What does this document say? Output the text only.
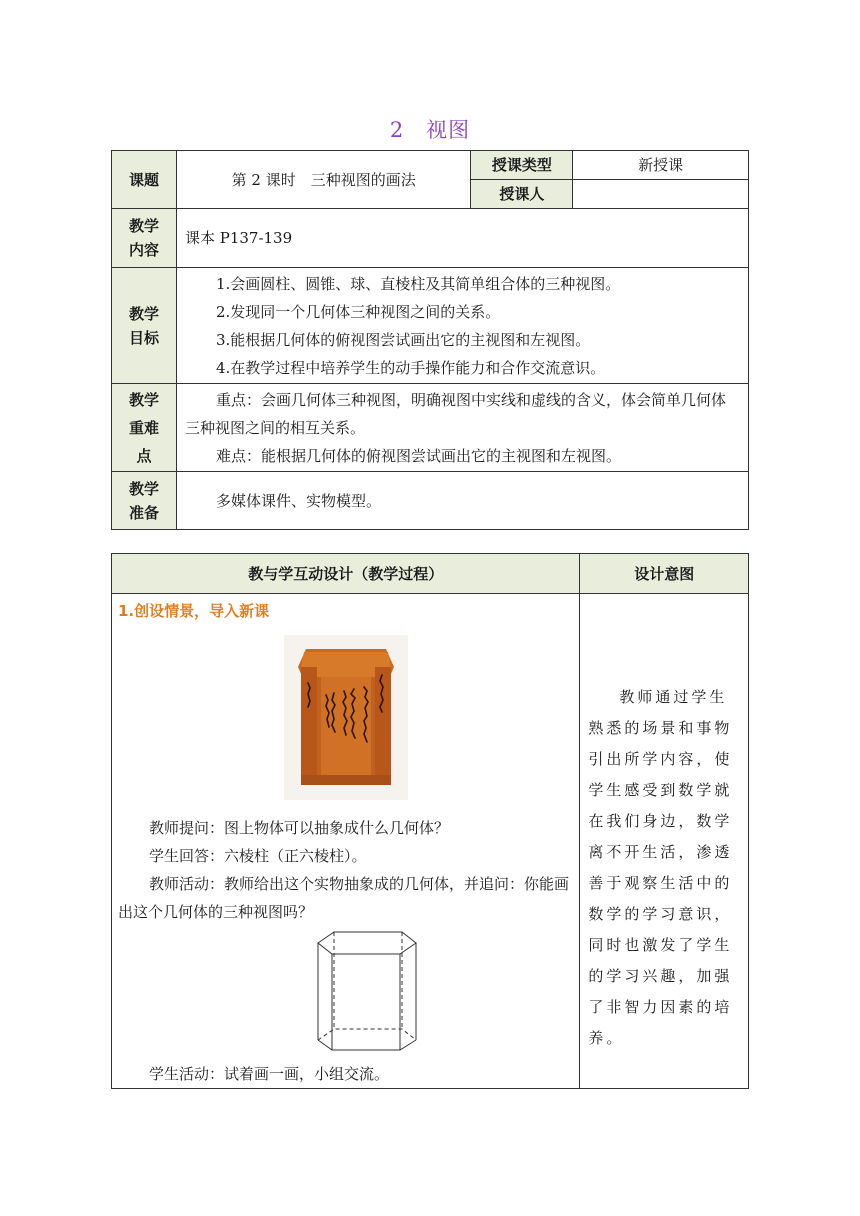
2　视图
课题	第 2 课时　三种视图的画法	授课类型	新授课
		授课人	
教学内容	课本 P137-139		
教学目标	1.会画圆柱、圆锥、球、直棱柱及其简单组合体的三种视图。
2.发现同一个几何体三种视图之间的关系。
3.能根据几何体的俯视图尝试画出它的主视图和左视图。
4.在教学过程中培养学生的动手操作能力和合作交流意识。		

教学重难点	重点：会画几何体三种视图，明确视图中实线和虚线的含义，体会简单几何体三种视图之间的相互关系。
难点：能根据几何体的俯视图尝试画出它的主视图和左视图。		

教学准备	多媒体课件、实物模型。		
教与学互动设计（教学过程）	设计意图

1.创设情景，导入新课
教师提问：图上物体可以抽象成什么几何体？
学生回答：六棱柱（正六棱柱）。
教师活动：教师给出这个实物抽象成的几何体，并追问：你能画出这个几何体的三种视图吗？
学生活动：试着画一画，小组交流。	教师通过学生熟悉的场景和事物引出所学内容，使学生感受到数学就在我们身边，数学离不开生活，渗透善于观察生活中的数学的学习意识，同时也激发了学生的学习兴趣，加强了非智力因素的培养。
